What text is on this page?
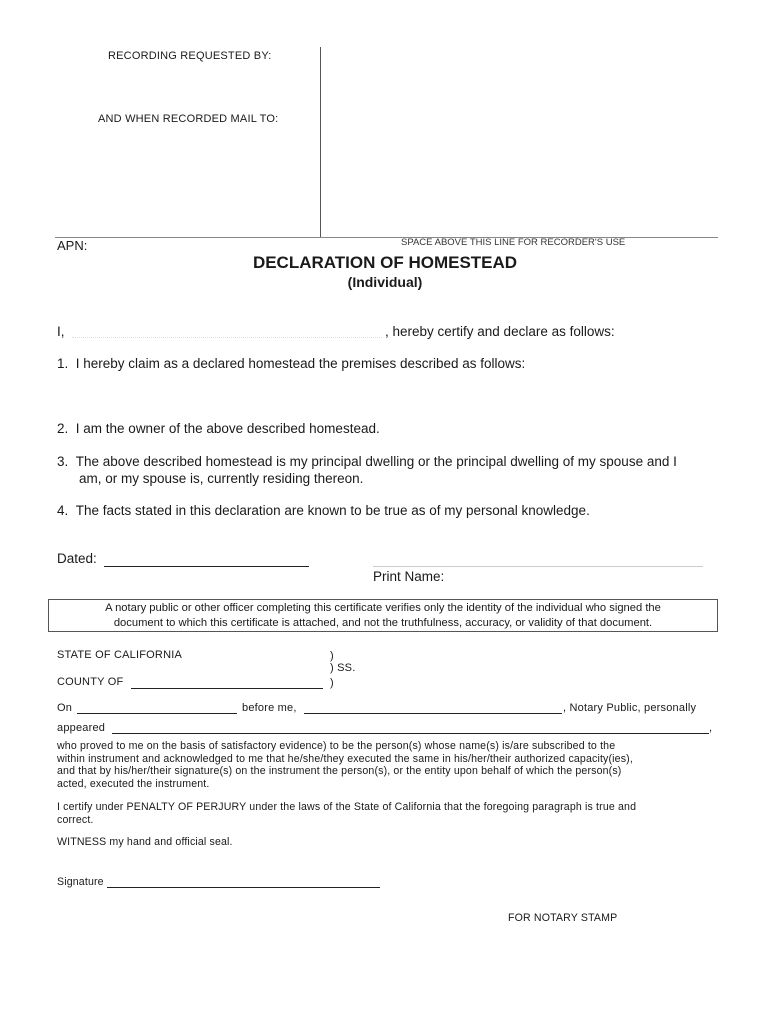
RECORDING REQUESTED BY:
AND WHEN RECORDED MAIL TO:
APN:	SPACE ABOVE THIS LINE FOR RECORDER'S USE
DECLARATION OF HOMESTEAD
(Individual)
I,	, hereby certify and declare as follows:
1. I hereby claim as a declared homestead the premises described as follows:
2. I am the owner of the above described homestead.
3. The above described homestead is my principal dwelling or the principal dwelling of my spouse and I
am, or my spouse is, currently residing thereon.
4. The facts stated in this declaration are known to be true as of my personal knowledge.
Dated:
Print Name:
A notary public or other officer completing this certificate verifies only the identity of the individual who signed the
document to which this certificate is attached, and not the truthfulness, accuracy, or validity of that document.
STATE OF CALIFORNIA	)
) SS.
COUNTY OF	)
On	before me,	, Notary Public, personally
appeared	,
who proved to me on the basis of satisfactory evidence) to be the person(s) whose name(s) is/are subscribed to the
within instrument and acknowledged to me that he/she/they executed the same in his/her/their authorized capacity(ies),
and that by his/her/their signature(s) on the instrument the person(s), or the entity upon behalf of which the person(s)
acted, executed the instrument.
I certify under PENALTY OF PERJURY under the laws of the State of California that the foregoing paragraph is true and
correct.
WITNESS my hand and official seal.
Signature
FOR NOTARY STAMP
